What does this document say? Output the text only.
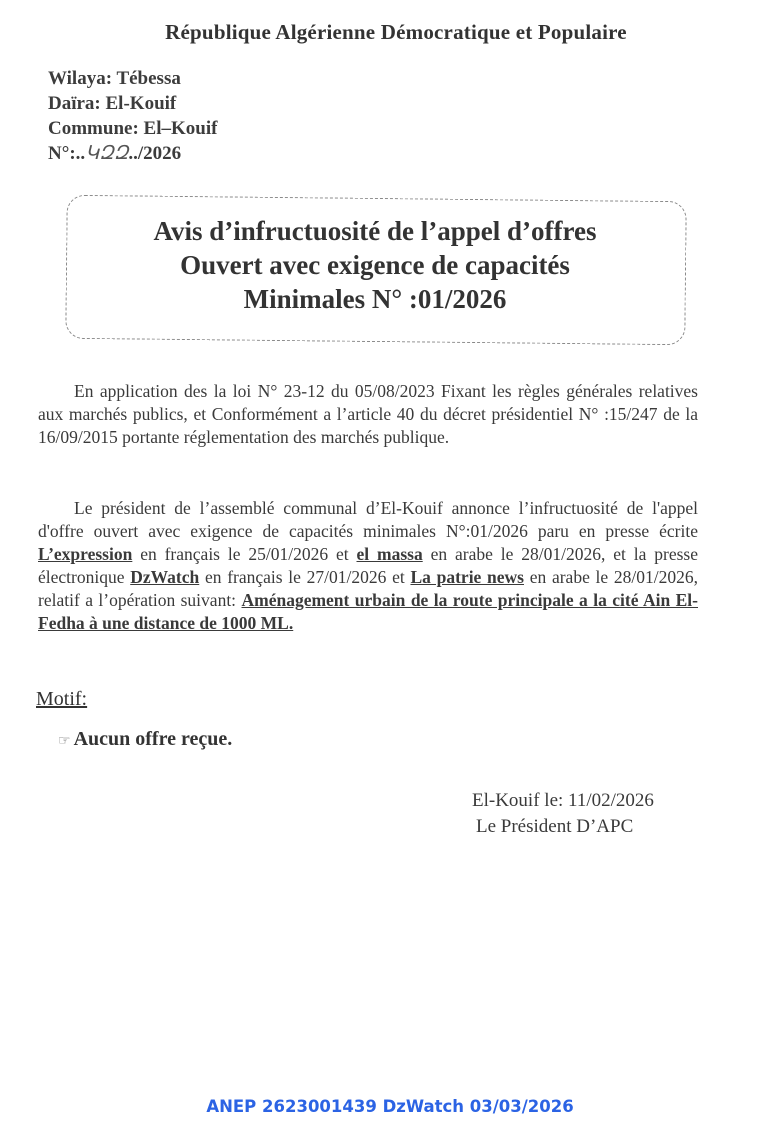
République Algérienne Démocratique et Populaire
Wilaya: Tébessa
Daïra: El-Kouif
Commune: El–Kouif
N°:..ԿԶԶ../2026
Avis d’infructuosité de l’appel d’offres
Ouvert avec exigence de capacités
Minimales N° :01/2026
En application des la loi N° 23-12 du 05/08/2023 Fixant les règles générales relatives aux marchés publics, et Conformément a l’article 40 du décret présidentiel N° :15/247 de la 16/09/2015 portante réglementation des marchés publique.
Le président de l’assemblé communal d’El-Kouif annonce l’infructuosité de l'appel d'offre ouvert avec exigence de capacités minimales N°:01/2026 paru en presse écrite L’expression en français le 25/01/2026 et el massa en arabe le 28/01/2026, et la presse électronique DzWatch en français le 27/01/2026 et La patrie news en arabe le 28/01/2026, relatif a l’opération suivant: Aménagement urbain de la route principale a la cité Ain El-Fedha à une distance de 1000 ML.
Motif:
☞ Aucun offre reçue.
El-Kouif le: 11/02/2026
Le Président D’APC
ANEP 2623001439 DzWatch 03/03/2026
